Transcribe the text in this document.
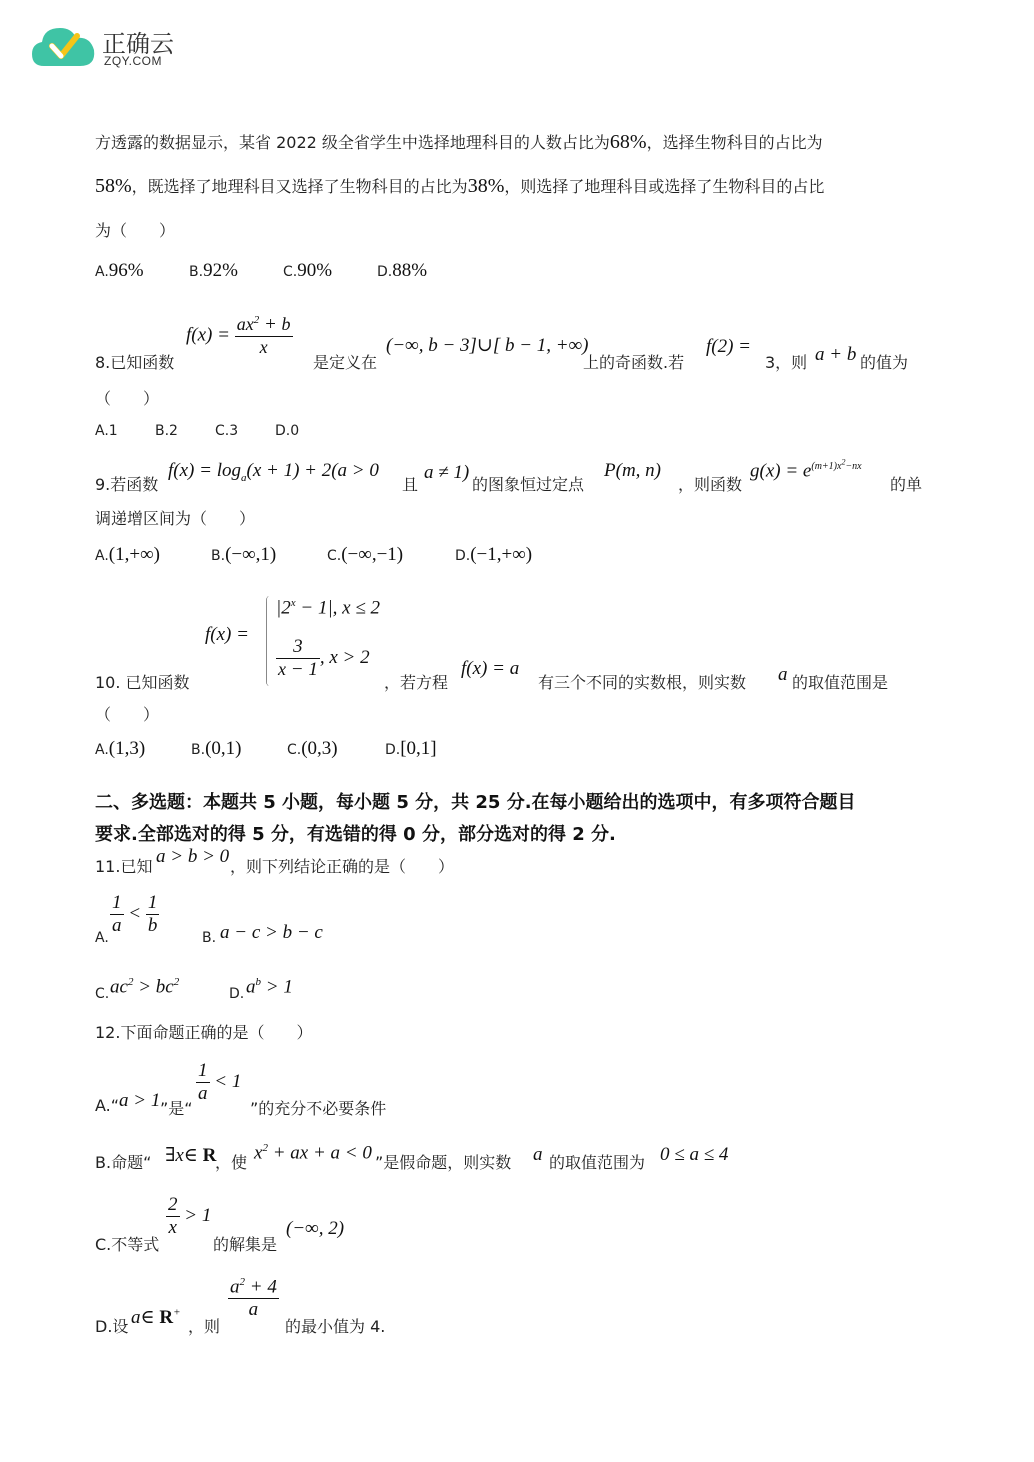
正确云
ZQY.COM
方透露的数据显示，某省 2022 级全省学生中选择地理科目的人数占比为68%，选择生物科目的占比为
58%，既选择了地理科目又选择了生物科目的占比为38%，则选择了地理科目或选择了生物科目的占比
为（　　）
A.96%	B.92%	C.90%	D.88%
8.已知函数
$f(x) = \frac{ax^2 + b}{x}$
是定义在
(−∞, b − 3]∪[ b − 1, +∞)
上的奇函数.若
f(2) =
3，则 a + b 的值为
（　　）
A.1	B.2	C.3	D.0
9.若函数
$f(x) = \log_a(x + 1) + 2(a > 0$
且
a ≠ 1)
的图象恒过定点
P(m, n)
，则函数
$g(x) = e^{(m+1)x^2-nx}$
的单
调递增区间为（　　）
A.(1,+∞)	B.(−∞,1)	C.(−∞,−1)	D.(−1,+∞)
f(x) =
$|2^x - 1|$, x ≤ 2
$\frac{3}{x - 1}$ , x > 2
10. 已知函数	，若方程
f(x) = a
有三个不同的实数根，则实数 a 的取值范围是
（　　）
A.(1,3)	B.(0,1)	C.(0,3)	D.[0,1]
二、多选题：本题共 5 小题，每小题 5 分，共 25 分.在每小题给出的选项中，有多项符合题目
要求.全部选对的得 5 分，有选错的得 0 分，部分选对的得 2 分.
11.已知 a > b > 0 ，则下列结论正确的是（　　）
A.
$\frac{1}{a} < \frac{1}{b}$
B. a − c > b − c
C. $ac^2 > bc^2$
D. $a^b > 1$
12.下面命题正确的是（　　）
A.“ a > 1 ”是“
$\frac{1}{a} < 1$
”的充分不必要条件
B.命题“ ∃x∈ R
，使 $x^2$ + ax + a < 0 ”是假命题，则实数 a 的取值范围为 0 ≤ a ≤ 4
C.不等式
$\frac{2}{x} > 1$
的解集是
(−∞, 2)
D.设 a∈ R+
，则
$\frac{a^2 + 4}{a}$
的最小值为 4.
